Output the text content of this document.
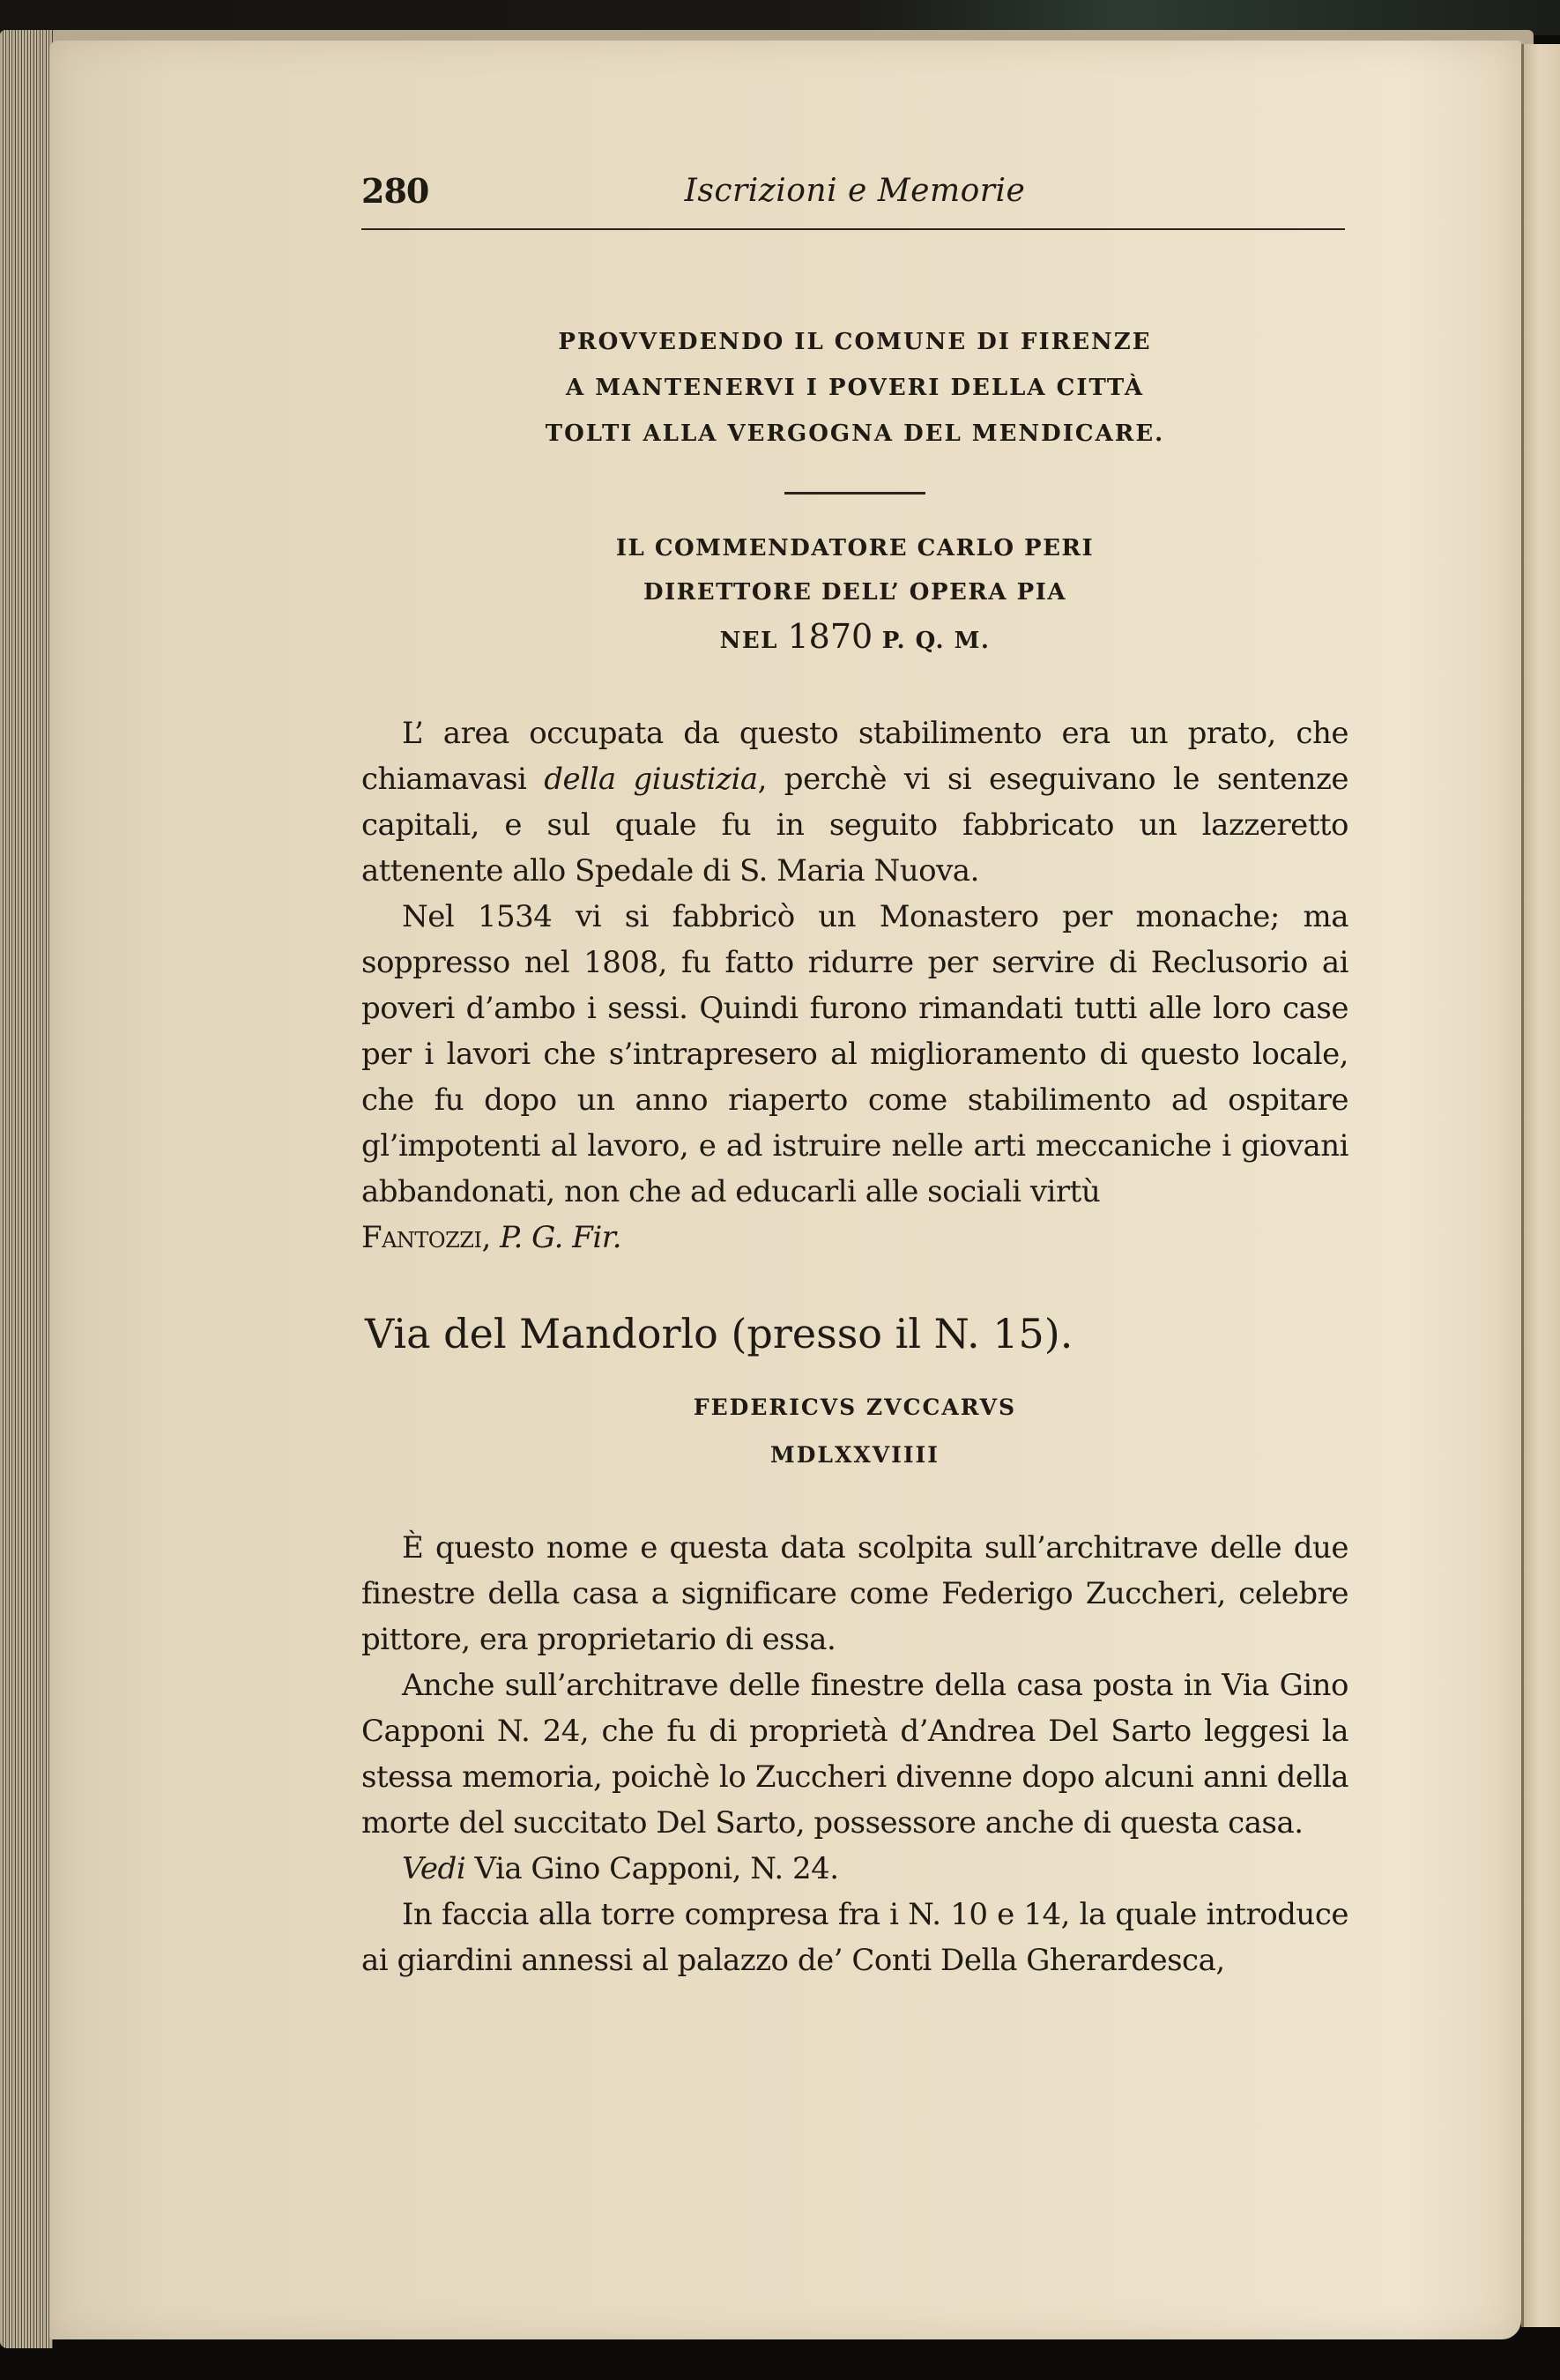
280	Iscrizioni e Memorie
PROVVEDENDO IL COMUNE DI FIRENZE
A MANTENERVI I POVERI DELLA CITTÀ
TOLTI ALLA VERGOGNA DEL MENDICARE.
IL COMMENDATORE CARLO PERI
DIRETTORE DELL’ OPERA PIA
NEL 1870 P. Q. M.

L’ area occupata da questo stabilimento era un prato, che chiamavasi della giustizia, perchè vi si eseguivano le sentenze capitali, e sul quale fu in seguito fabbricato un lazzeretto attenente allo Spedale di S. Maria Nuova.

Nel 1534 vi si fabbricò un Monastero per monache; ma soppresso nel 1808, fu fatto ridurre per servire di Reclusorio ai poveri d’ambo i sessi. Quindi furono rimandati tutti alle loro case per i lavori che s’intrapresero al miglioramento di questo locale, che fu dopo un anno riaperto come stabilimento ad ospitare gl’impotenti al lavoro, e ad istruire nelle arti meccaniche i giovani abbandonati, non che ad educarli alle sociali virtù

Fantozzi, P. G. Fir.

Via del Mandorlo (presso il N. 15).
FEDERICVS ZVCCARVS
MDLXXVIIII

È questo nome e questa data scolpita sull’architrave delle due finestre della casa a significare come Federigo Zuccheri, celebre pittore, era proprietario di essa.

Anche sull’architrave delle finestre della casa posta in Via Gino Capponi N. 24, che fu di proprietà d’Andrea Del Sarto leggesi la stessa memoria, poichè lo Zuccheri divenne dopo alcuni anni della morte del succitato Del Sarto, possessore anche di questa casa.

Vedi Via Gino Capponi, N. 24.

In faccia alla torre compresa fra i N. 10 e 14, la quale introduce ai giardini annessi al palazzo de’ Conti Della Gherardesca,
